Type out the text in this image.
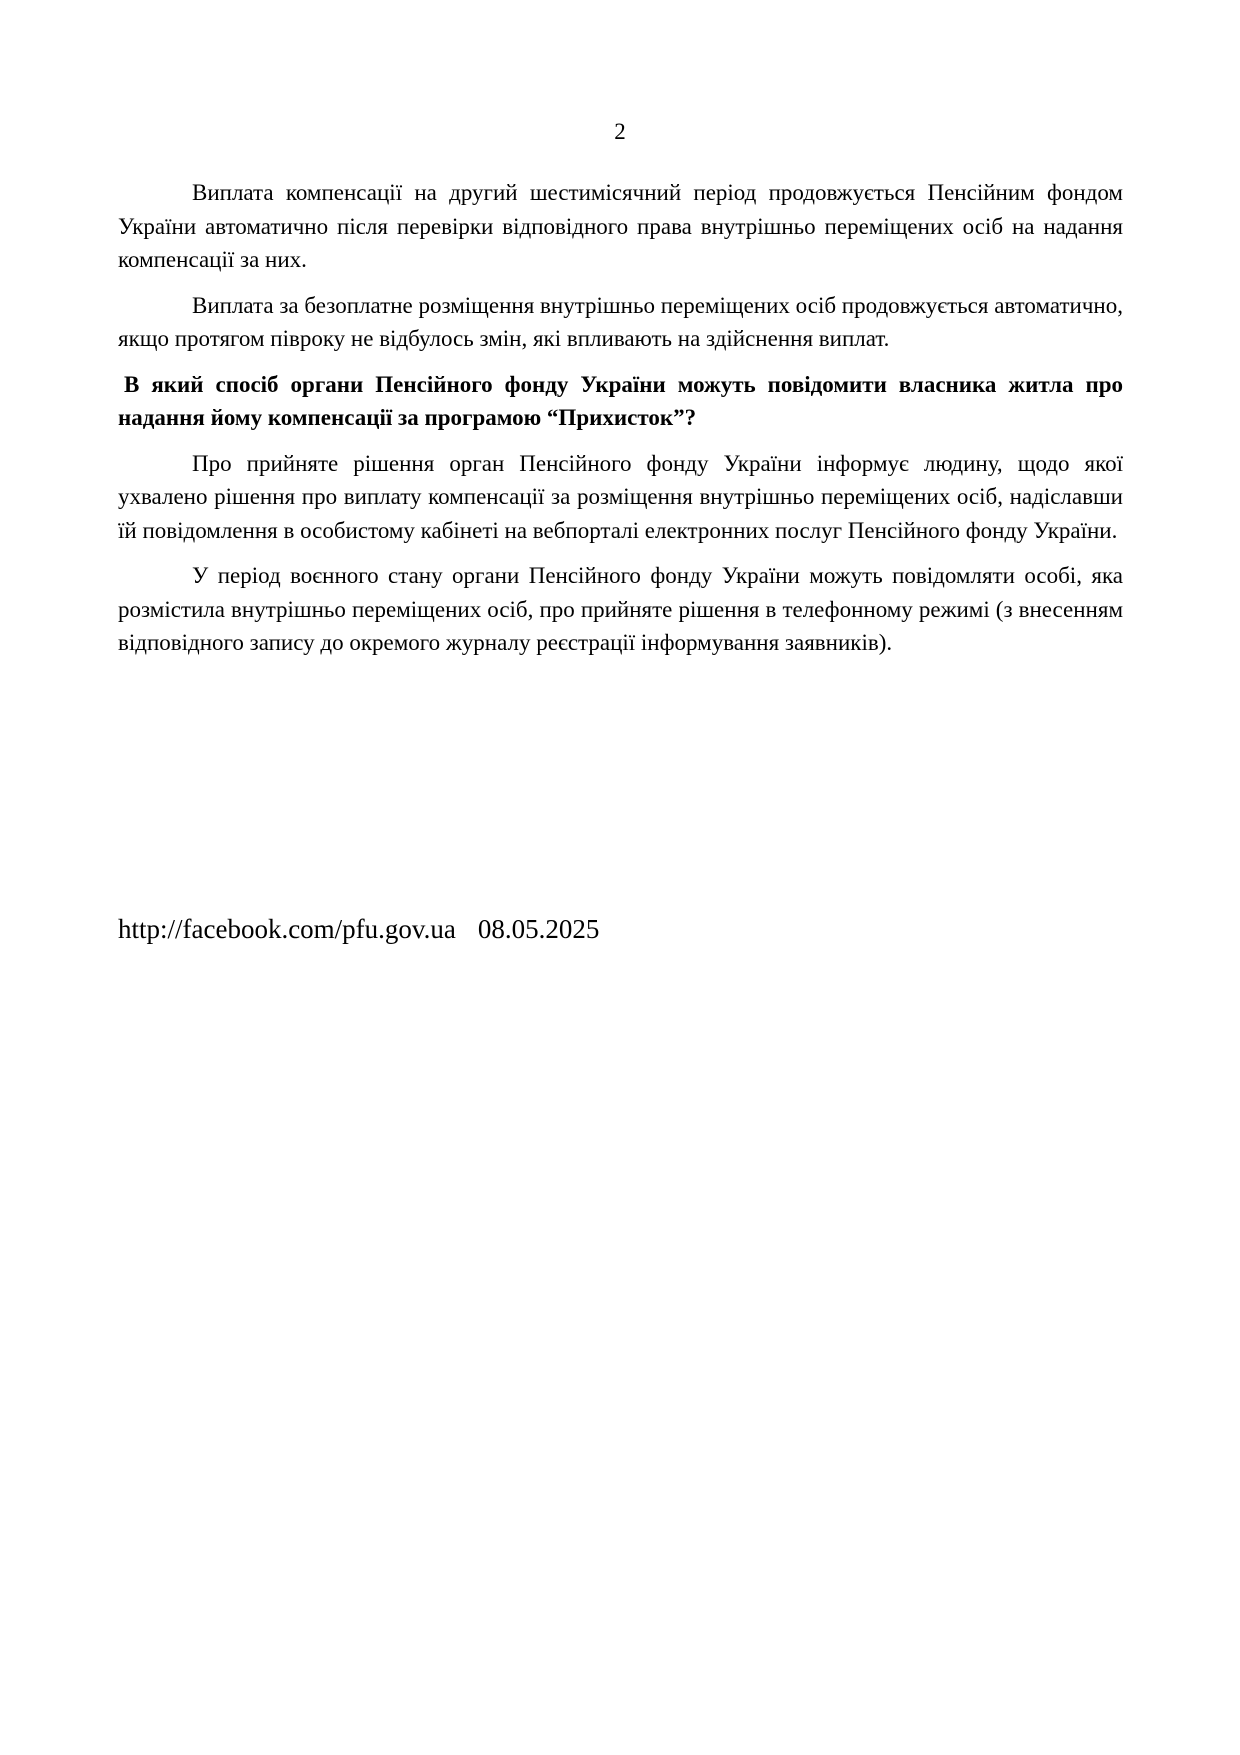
2

Виплата компенсації на другий шестимісячний період продовжується Пенсійним фондом України автоматично після перевірки відповідного права внутрішньо переміщених осіб на надання компенсації за них.

Виплата за безоплатне розміщення внутрішньо переміщених осіб продовжується автоматично, якщо протягом півроку не відбулось змін, які впливають на здійснення виплат.

В який спосіб органи Пенсійного фонду України можуть повідомити власника житла про надання йому компенсації за програмою “Прихисток”?

Про прийняте рішення орган Пенсійного фонду України інформує людину, щодо якої ухвалено рішення про виплату компенсації за розміщення внутрішньо переміщених осіб, надіславши їй повідомлення в особистому кабінеті на вебпорталі електронних послуг Пенсійного фонду України.

У період воєнного стану органи Пенсійного фонду України можуть повідомляти особі, яка розмістила внутрішньо переміщених осіб, про прийняте рішення в телефонному режимі (з внесенням відповідного запису до окремого журналу реєстрації інформування заявників).

http://facebook.com/pfu.gov.ua 08.05.2025
